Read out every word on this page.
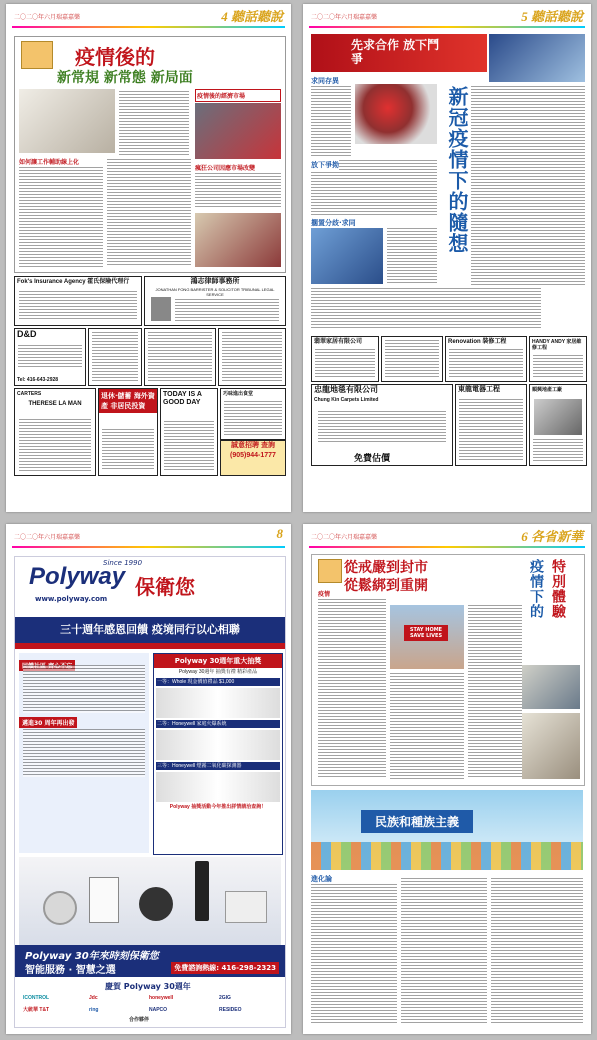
二〇二〇年六月瑞嘉嘉樂	4 聽話聽說
疫情後的
新常規 新常態 新局面
疫情後的經濟市場
瘋狂公司因應市場改變
如何讓工作輔助線上化
Fok's Insurance Agency 霍氏保險代理行	鴻志律師事務所
JONATHAN FONG BARRISTER & SOLICITOR TRIBUNAL LEGAL SERVICE
D&D
Tel: 416-643-2928
CARTERS
THERESE LA MAN
退休·儲蓄 海外資產 非居民投資
TODAY IS A GOOD DAY
巧味進出食堂
誠意招聘 查詢
(905)944-1777
二〇二〇年六月瑞嘉嘉樂	5 聽話聽說
先求合作 放下鬥爭
求同存異
放下爭拗
擱置分歧·求同	新冠疫情下的隨想
翡翠家居有限公司	Renovation 裝修工程	HANDY ANDY 家居維修工程
忠龍地毯有限公司
Chung Kin Carpets Limited
免費估價
東龍電器工程	順興地產工廠
二〇二〇年六月瑞嘉嘉樂	8
Polyway
Since 1990
保衛您
www.polyway.com
三十週年感恩回饋 疫境同行以心相聯
邁進30 周年再出發
Polyway 30週年重大抽獎
Polyway 30週年 抽獎有禮 精彩產品
一等：Whole 現金價值禮品 $1,000
二等：Honeywell 家庭火爆系統
三等：Honeywell 煙霧二氧化碳探測器
Polyway 抽獎活動今年推出詳情請洽查詢！
Polyway 30年來時刻保衛您
智能服務 · 智慧之選	免費諮詢熱線: 416-298-2323
慶賀 Polyway 30週年
ICONTROL	Jdc	honeywell	2GIG
大統華 T&T	ring	NAPCO	RESIDEO
合作夥伴
二〇二〇年六月瑞嘉嘉樂	6 各省新華
從戒嚴到封市
從鬆綁到重開	疫情下的 特別體驗
STAY HOME SAVE LIVES
疫情
民族和種族主義
進化論
